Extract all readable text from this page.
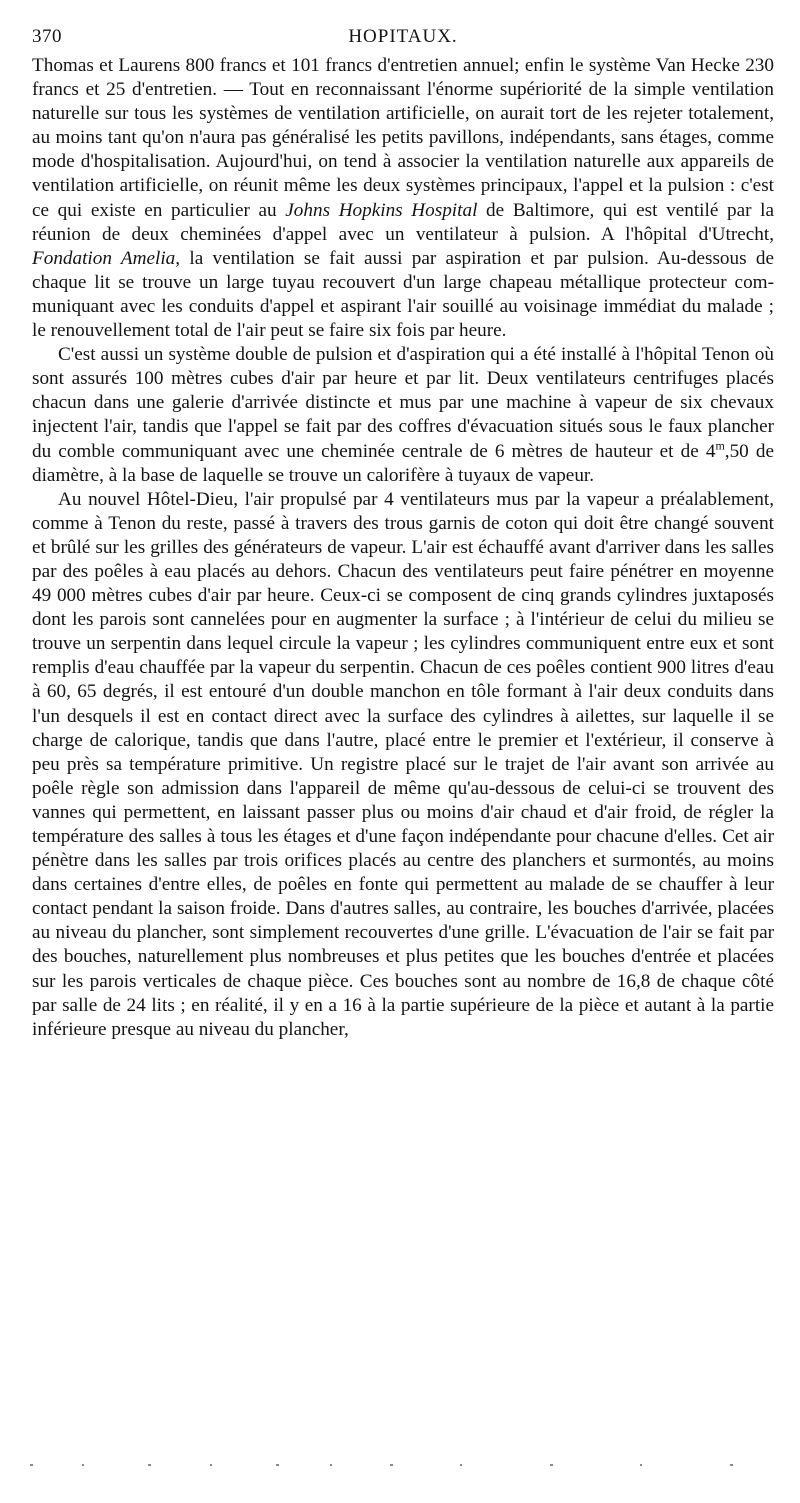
370	HOPITAUX.

Thomas et Laurens 800 francs et 101 francs d'entretien annuel; enfin le système Van Hecke 230 francs et 25 d'entretien. — Tout en reconnaissant l'énorme supériorité de la simple ventilation naturelle sur tous les systèmes de ventilation artificielle, on aurait tort de les rejeter totalement, au moins tant qu'on n'aura pas généralisé les petits pavillons, indépendants, sans étages, comme mode d'hospitalisation. Aujourd'hui, on tend à associer la ventilation naturelle aux appareils de ventilation artificielle, on réunit même les deux systèmes principaux, l'appel et la pulsion : c'est ce qui existe en particulier au Johns Hopkins Hospital de Baltimore, qui est ventilé par la réunion de deux cheminées d'appel avec un ventilateur à pulsion. A l'hôpital d'Utrecht, Fondation Amelia, la ventilation se fait aussi par aspiration et par pulsion. Au-dessous de chaque lit se trouve un large tuyau recouvert d'un large chapeau métallique protecteur communiquant avec les conduits d'appel et aspirant l'air souillé au voisinage immédiat du malade ; le renouvellement total de l'air peut se faire six fois par heure.

C'est aussi un système double de pulsion et d'aspiration qui a été installé à l'hôpital Tenon où sont assurés 100 mètres cubes d'air par heure et par lit. Deux ventilateurs centrifuges placés chacun dans une galerie d'arrivée distincte et mus par une machine à vapeur de six chevaux injectent l'air, tandis que l'appel se fait par des coffres d'évacuation situés sous le faux plancher du comble communiquant avec une cheminée centrale de 6 mètres de hauteur et de 4$^m$,50 de diamètre, à la base de laquelle se trouve un calorifère à tuyaux de vapeur.

Au nouvel Hôtel-Dieu, l'air propulsé par 4 ventilateurs mus par la vapeur a préalablement, comme à Tenon du reste, passé à travers des trous garnis de coton qui doit être changé souvent et brûlé sur les grilles des générateurs de vapeur. L'air est échauffé avant d'arriver dans les salles par des poêles à eau placés au dehors. Chacun des ventilateurs peut faire pénétrer en moyenne 49 000 mètres cubes d'air par heure. Ceux-ci se composent de cinq grands cylindres juxtaposés dont les parois sont cannelées pour en augmenter la surface ; à l'intérieur de celui du milieu se trouve un serpentin dans lequel circule la vapeur ; les cylindres communiquent entre eux et sont remplis d'eau chauffée par la vapeur du serpentin. Chacun de ces poêles contient 900 litres d'eau à 60, 65 degrés, il est entouré d'un double manchon en tôle formant à l'air deux conduits dans l'un desquels il est en contact direct avec la surface des cylindres à ailettes, sur laquelle il se charge de calorique, tandis que dans l'autre, placé entre le premier et l'extérieur, il conserve à peu près sa température primitive. Un registre placé sur le trajet de l'air avant son arrivée au poêle règle son admission dans l'appareil de même qu'au-dessous de celui-ci se trouvent des vannes qui permettent, en laissant passer plus ou moins d'air chaud et d'air froid, de régler la température des salles à tous les étages et d'une façon indépendante pour chacune d'elles. Cet air pénètre dans les salles par trois orifices placés au centre des planchers et surmontés, au moins dans certaines d'entre elles, de poêles en fonte qui permettent au malade de se chauffer à leur contact pendant la saison froide. Dans d'autres salles, au contraire, les bouches d'arrivée, placées au niveau du plancher, sont simplement recouvertes d'une grille. L'évacuation de l'air se fait par des bouches, naturellement plus nombreuses et plus petites que les bouches d'entrée et placées sur les parois verticales de chaque pièce. Ces bouches sont au nombre de 16,8 de chaque côté par salle de 24 lits ; en réalité, il y en a 16 à la partie supérieure de la pièce et autant à la partie inférieure presque au niveau du plancher,
